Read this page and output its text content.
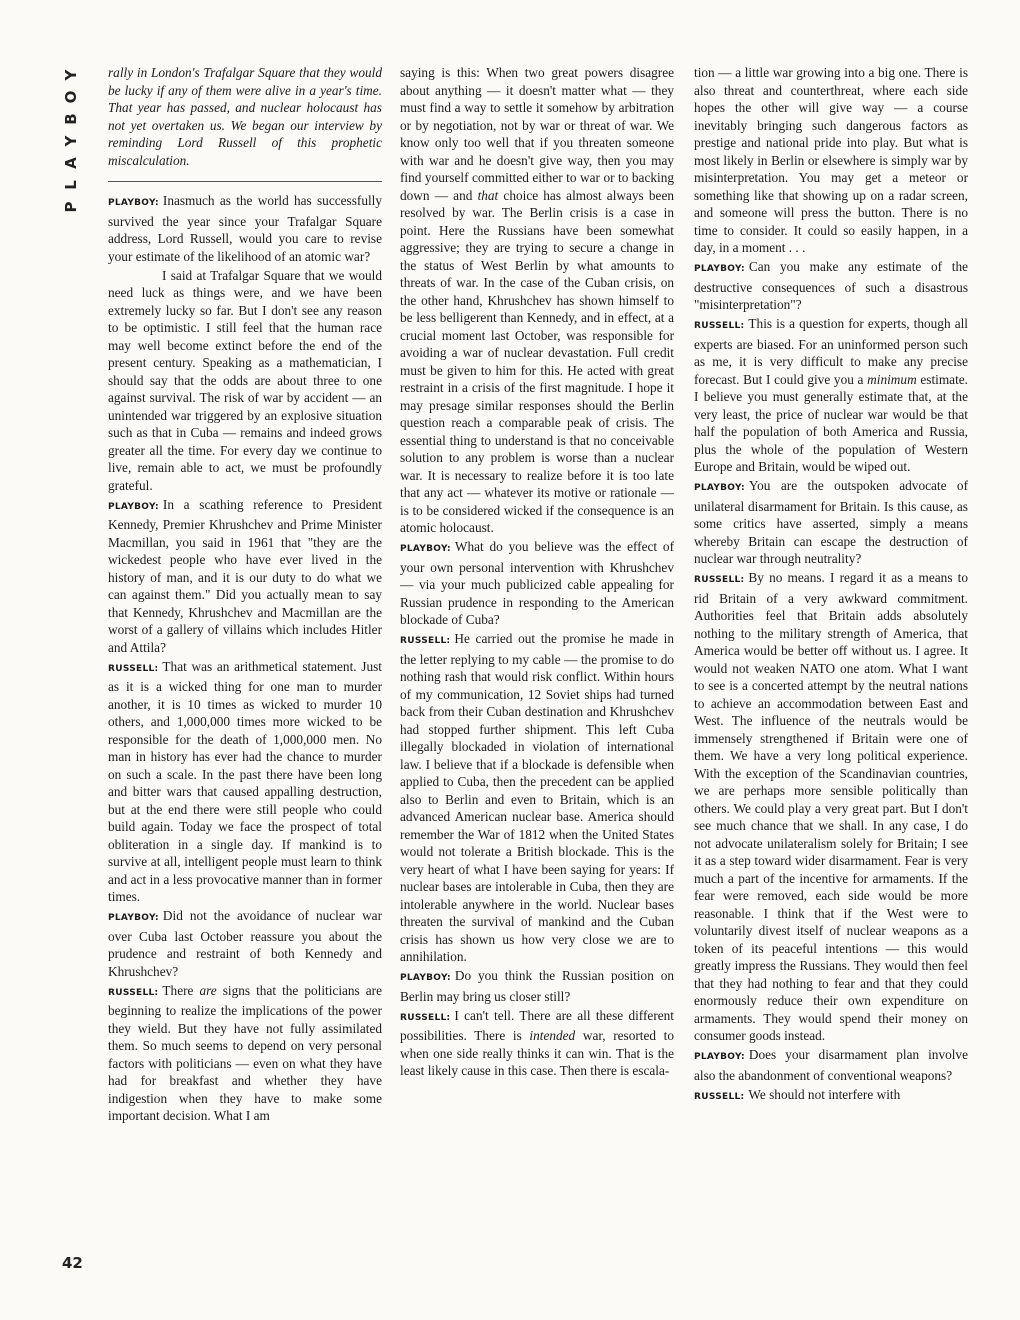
Y
O
B
Y
A
L
P
42

rally in London's Trafalgar Square that they would be lucky if any of them were alive in a year's time. That year has passed, and nuclear holocaust has not yet overtaken us. We began our interview by reminding Lord Russell of this prophetic miscalculation.

PLAYBOY: Inasmuch as the world has successfully survived the year since your Trafalgar Square address, Lord Russell, would you care to revise your estimate of the likelihood of an atomic war?

I said at Trafalgar Square that we would need luck as things were, and we have been extremely lucky so far. But I don't see any reason to be optimistic. I still feel that the human race may well become extinct before the end of the present century. Speaking as a mathematician, I should say that the odds are about three to one against survival. The risk of war by accident — an unintended war triggered by an explosive situation such as that in Cuba — remains and indeed grows greater all the time. For every day we continue to live, remain able to act, we must be profoundly grateful.

PLAYBOY: In a scathing reference to President Kennedy, Premier Khrushchev and Prime Minister Macmillan, you said in 1961 that "they are the wickedest people who have ever lived in the history of man, and it is our duty to do what we can against them." Did you actually mean to say that Kennedy, Khrushchev and Macmillan are the worst of a gallery of villains which includes Hitler and Attila?

RUSSELL: That was an arithmetical statement. Just as it is a wicked thing for one man to murder another, it is 10 times as wicked to murder 10 others, and 1,000,000 times more wicked to be responsible for the death of 1,000,000 men. No man in history has ever had the chance to murder on such a scale. In the past there have been long and bitter wars that caused appalling destruction, but at the end there were still people who could build again. Today we face the prospect of total obliteration in a single day. If mankind is to survive at all, intelligent people must learn to think and act in a less provocative manner than in former times.

PLAYBOY: Did not the avoidance of nuclear war over Cuba last October reassure you about the prudence and restraint of both Kennedy and Khrushchev?

RUSSELL: There are signs that the politicians are beginning to realize the implications of the power they wield. But they have not fully assimilated them. So much seems to depend on very personal factors with politicians — even on what they have had for breakfast and whether they have indigestion when they have to make some important decision. What I am

saying is this: When two great powers disagree about anything — it doesn't matter what — they must find a way to settle it somehow by arbitration or by negotiation, not by war or threat of war. We know only too well that if you threaten someone with war and he doesn't give way, then you may find yourself committed either to war or to backing down — and that choice has almost always been resolved by war. The Berlin crisis is a case in point. Here the Russians have been somewhat aggressive; they are trying to secure a change in the status of West Berlin by what amounts to threats of war. In the case of the Cuban crisis, on the other hand, Khrushchev has shown himself to be less belligerent than Kennedy, and in effect, at a crucial moment last October, was responsible for avoiding a war of nuclear devastation. Full credit must be given to him for this. He acted with great restraint in a crisis of the first magnitude. I hope it may presage similar responses should the Berlin question reach a comparable peak of crisis. The essential thing to understand is that no conceivable solution to any problem is worse than a nuclear war. It is necessary to realize before it is too late that any act — whatever its motive or rationale — is to be considered wicked if the consequence is an atomic holocaust.

PLAYBOY: What do you believe was the effect of your own personal intervention with Khrushchev — via your much publicized cable appealing for Russian prudence in responding to the American blockade of Cuba?

RUSSELL: He carried out the promise he made in the letter replying to my cable — the promise to do nothing rash that would risk conflict. Within hours of my communication, 12 Soviet ships had turned back from their Cuban destination and Khrushchev had stopped further shipment. This left Cuba illegally blockaded in violation of international law. I believe that if a blockade is defensible when applied to Cuba, then the precedent can be applied also to Berlin and even to Britain, which is an advanced American nuclear base. America should remember the War of 1812 when the United States would not tolerate a British blockade. This is the very heart of what I have been saying for years: If nuclear bases are intolerable in Cuba, then they are intolerable anywhere in the world. Nuclear bases threaten the survival of mankind and the Cuban crisis has shown us how very close we are to annihilation.

PLAYBOY: Do you think the Russian position on Berlin may bring us closer still?

RUSSELL: I can't tell. There are all these different possibilities. There is intended war, resorted to when one side really thinks it can win. That is the least likely cause in this case. Then there is escala-

tion — a little war growing into a big one. There is also threat and counterthreat, where each side hopes the other will give way — a course inevitably bringing such dangerous factors as prestige and national pride into play. But what is most likely in Berlin or elsewhere is simply war by misinterpretation. You may get a meteor or something like that showing up on a radar screen, and someone will press the button. There is no time to consider. It could so easily happen, in a day, in a moment . . .

PLAYBOY: Can you make any estimate of the destructive consequences of such a disastrous "misinterpretation"?

RUSSELL: This is a question for experts, though all experts are biased. For an uninformed person such as me, it is very difficult to make any precise forecast. But I could give you a minimum estimate. I believe you must generally estimate that, at the very least, the price of nuclear war would be that half the population of both America and Russia, plus the whole of the population of Western Europe and Britain, would be wiped out.

PLAYBOY: You are the outspoken advocate of unilateral disarmament for Britain. Is this cause, as some critics have asserted, simply a means whereby Britain can escape the destruction of nuclear war through neutrality?

RUSSELL: By no means. I regard it as a means to rid Britain of a very awkward commitment. Authorities feel that Britain adds absolutely nothing to the military strength of America, that America would be better off without us. I agree. It would not weaken NATO one atom. What I want to see is a concerted attempt by the neutral nations to achieve an accommodation between East and West. The influence of the neutrals would be immensely strengthened if Britain were one of them. We have a very long political experience. With the exception of the Scandinavian countries, we are perhaps more sensible politically than others. We could play a very great part. But I don't see much chance that we shall. In any case, I do not advocate unilateralism solely for Britain; I see it as a step toward wider disarmament. Fear is very much a part of the incentive for armaments. If the fear were removed, each side would be more reasonable. I think that if the West were to voluntarily divest itself of nuclear weapons as a token of its peaceful intentions — this would greatly impress the Russians. They would then feel that they had nothing to fear and that they could enormously reduce their own expenditure on armaments. They would spend their money on consumer goods instead.

PLAYBOY: Does your disarmament plan involve also the abandonment of conventional weapons?

RUSSELL: We should not interfere with
